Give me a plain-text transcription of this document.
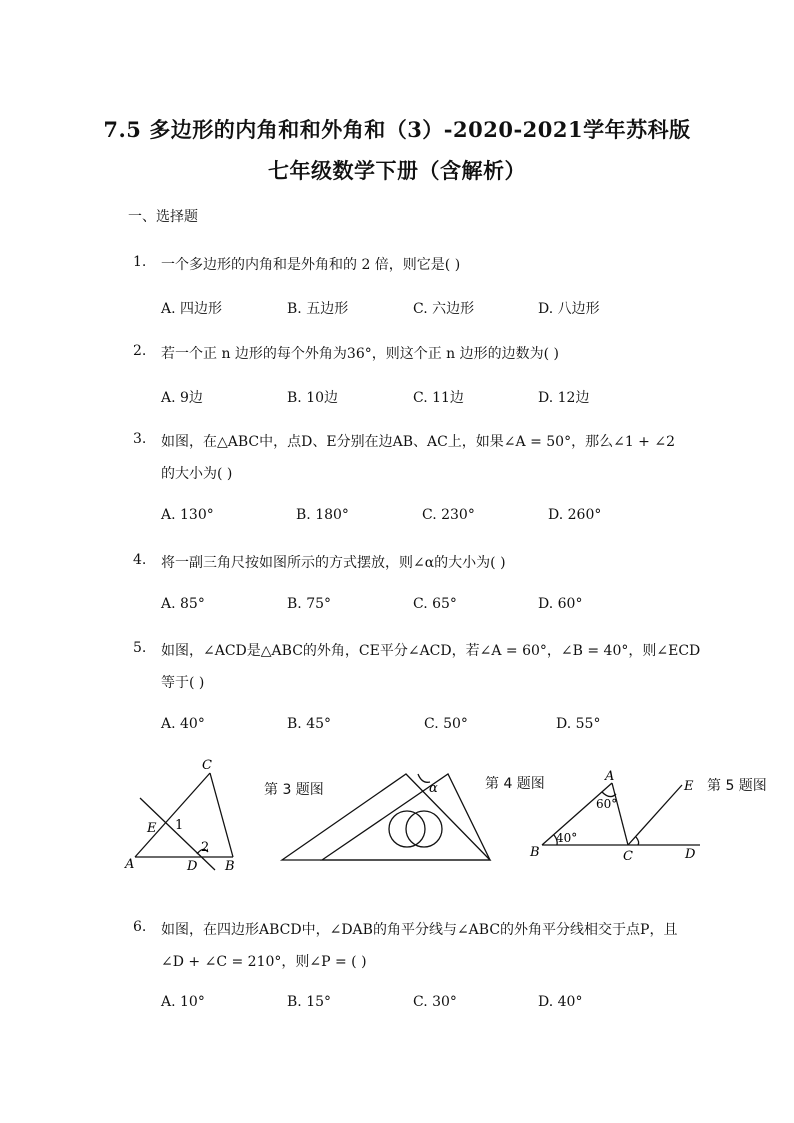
7.5 多边形的内角和和外角和（3）-2020-2021学年苏科版
七年级数学下册（含解析）
一、选择题
1. 一个多边形的内角和是外角和的 2 倍，则它是( )
A. 四边形	B. 五边形	C. 六边形	D. 八边形
2. 若一个正 n 边形的每个外角为36°，则这个正 n 边形的边数为( )
A. 9边	B. 10边	C. 11边	D. 12边
3. 如图，在△ABC中，点D、E分别在边AB、AC上，如果∠A = 50°，那么∠1 + ∠2
的大小为( )
A. 130°	B. 180°	C. 230°	D. 260°
4. 将一副三角尺按如图所示的方式摆放，则∠α的大小为( )
A. 85°	B. 75°	C. 65°	D. 60°
5. 如图，∠ACD是△ABC的外角，CE平分∠ACD，若∠A = 60°，∠B = 40°，则∠ECD
等于( )
A. 40°	B. 45°	C. 50°	D. 55°
C
E 1
2
A	D B
α
A
E
B	C	D
60°
40°
第 3 题图	第 4 题图	第 5 题图
6. 如图，在四边形ABCD中，∠DAB的角平分线与∠ABC的外角平分线相交于点P，且
∠D + ∠C = 210°，则∠P = ( )
A. 10°	B. 15°	C. 30°	D. 40°
